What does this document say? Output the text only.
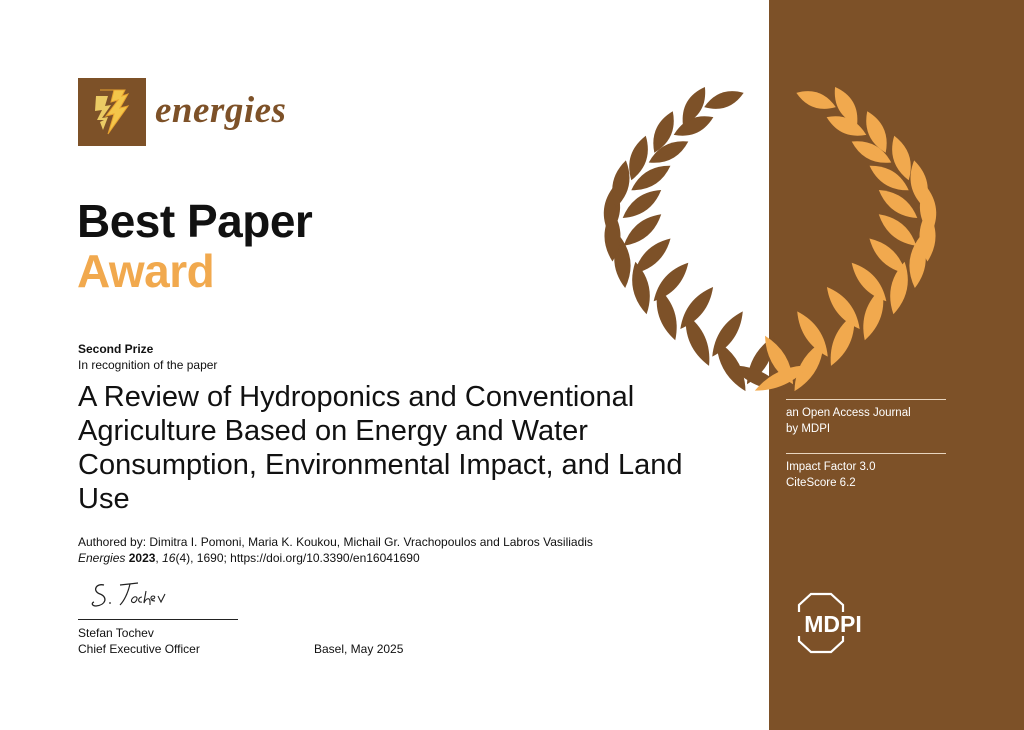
energies
Best Paper
Award
Second Prize
In recognition of the paper
A Review of Hydroponics and Conventional Agriculture Based on Energy and Water Consumption, Environmental Impact, and Land Use
Authored by: Dimitra I. Pomoni, Maria K. Koukou, Michail Gr. Vrachopoulos and Labros Vasiliadis
Energies 2023, 16(4), 1690; https://doi.org/10.3390/en16041690
Stefan Tochev
Chief Executive Officer	Basel, May 2025
an Open Access Journal
by MDPI
Impact Factor 3.0
CiteScore 6.2
MDPI
